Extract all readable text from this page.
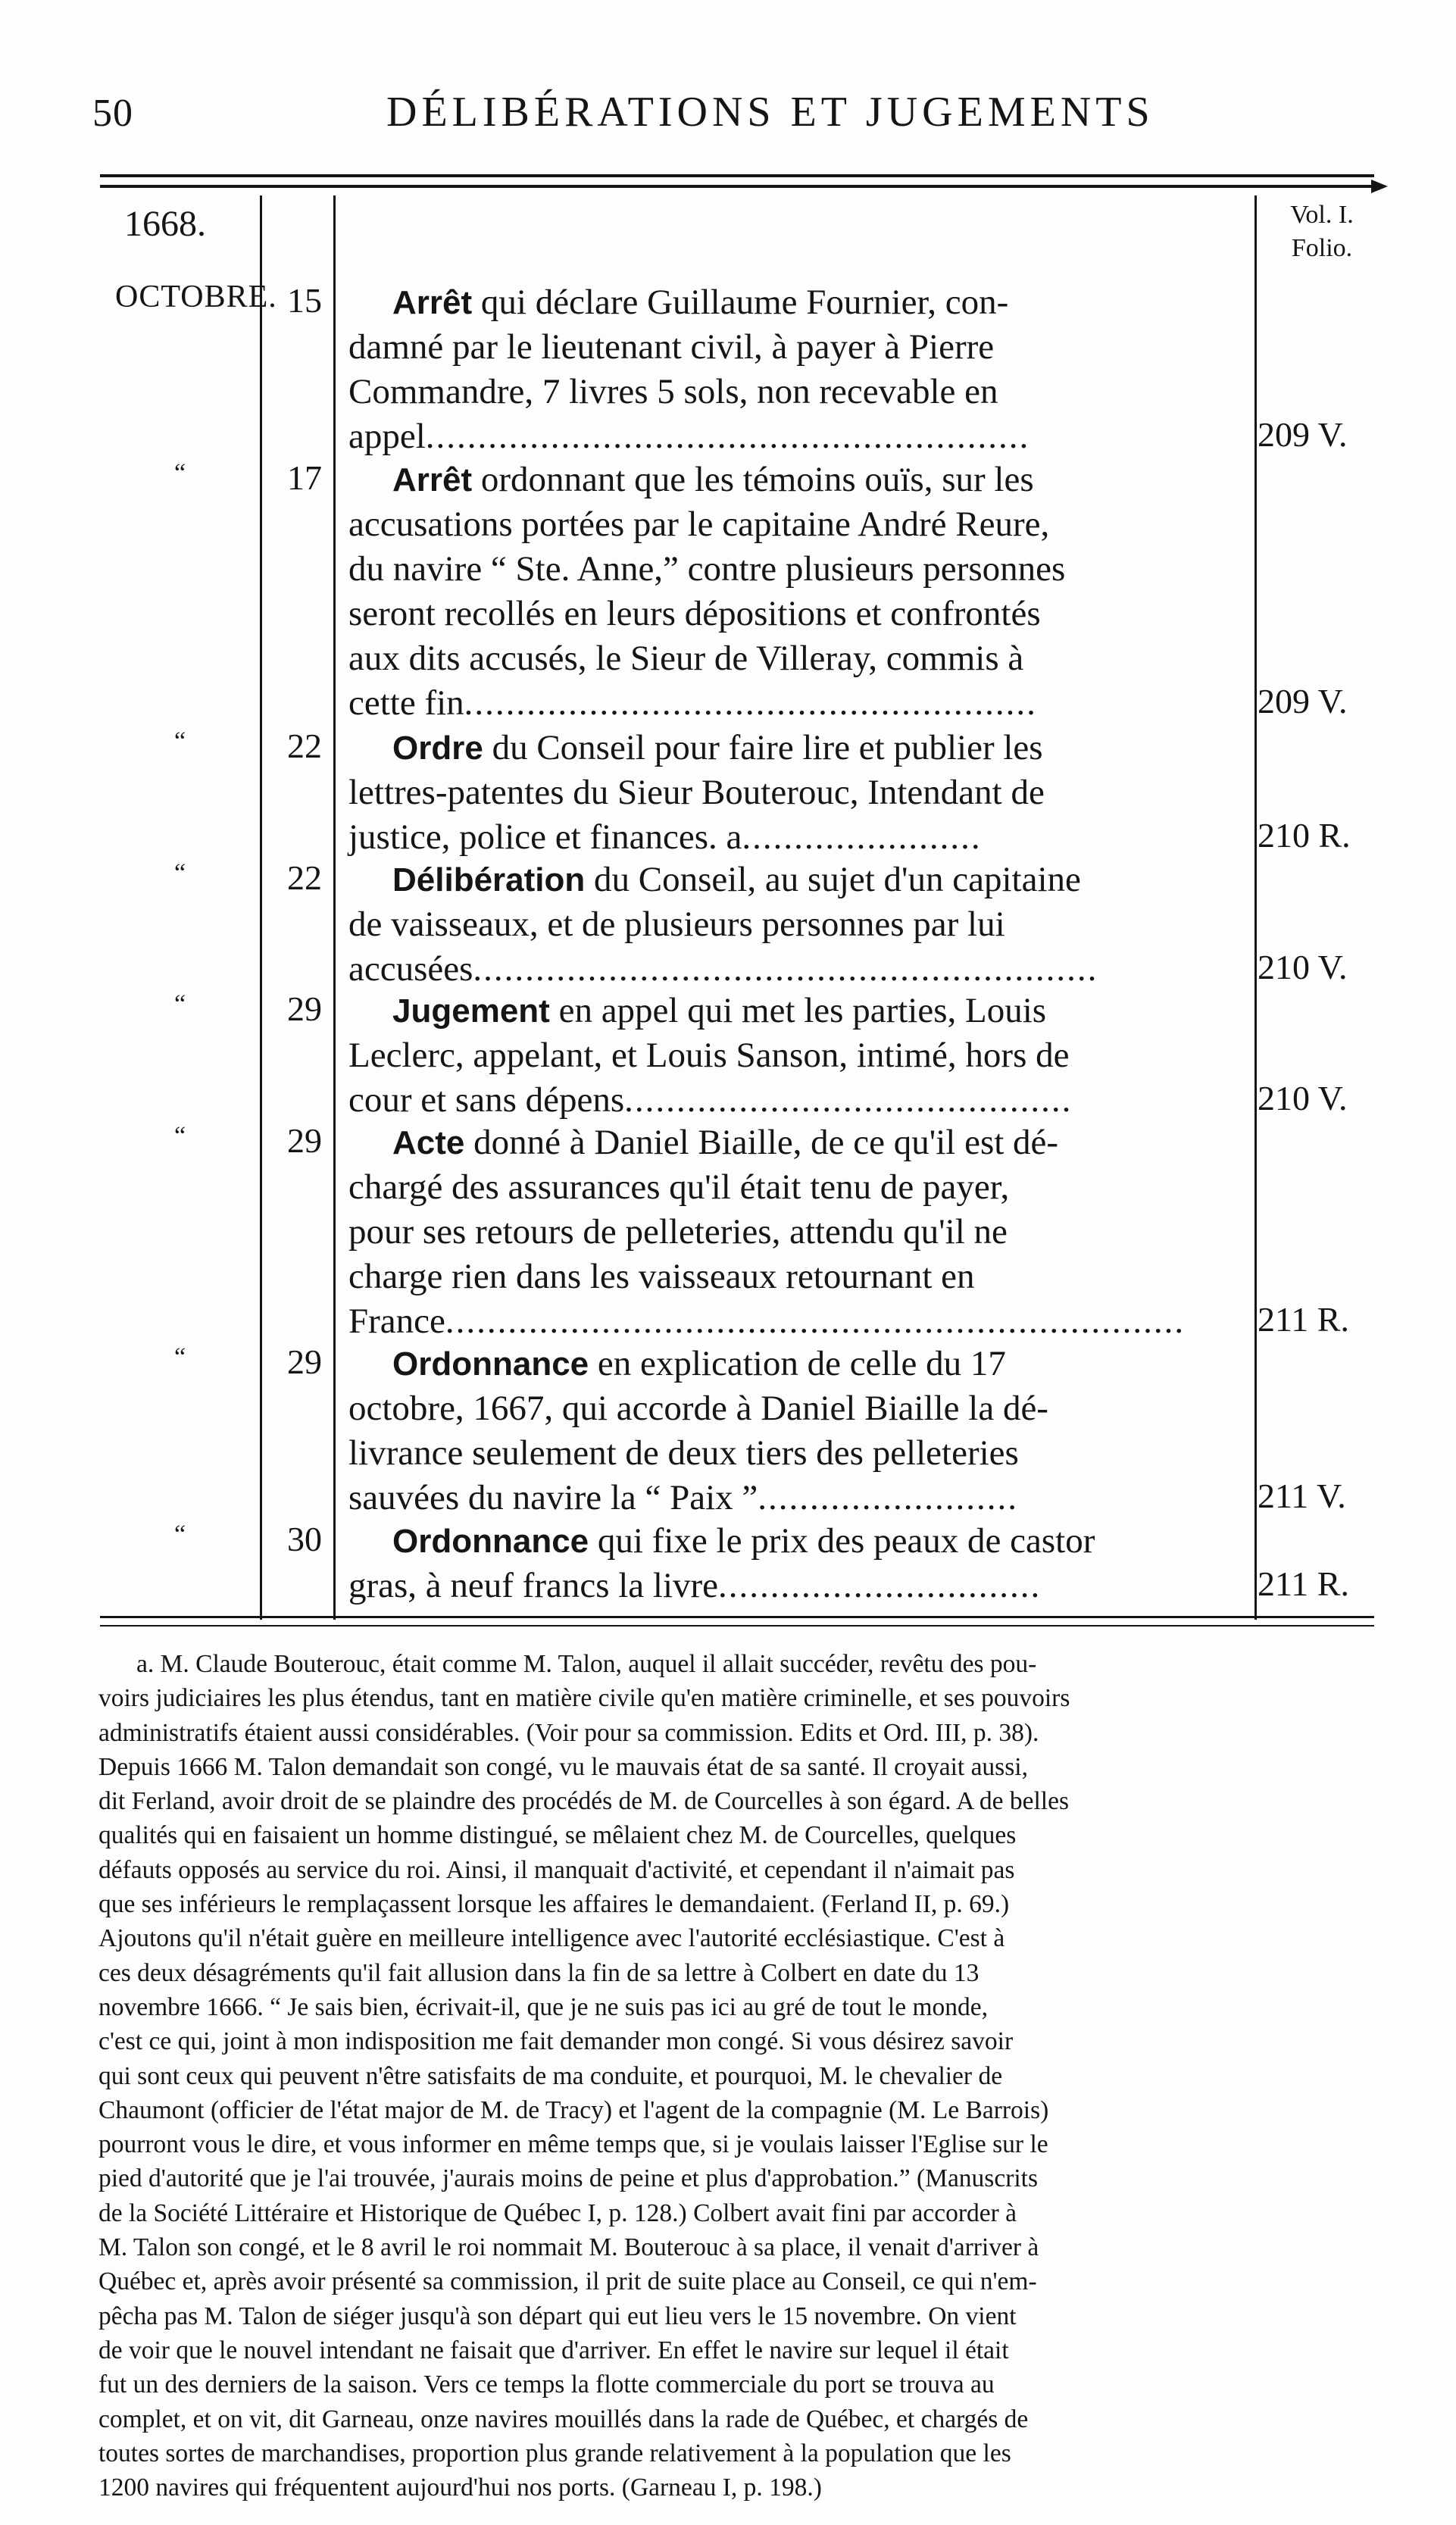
50	DÉLIBÉRATIONS ET JUGEMENTS
1668.	Vol. I.
Folio.
OCTOBRE. 15	Arrêt qui déclare Guillaume Fournier, con-
damné par le lieutenant civil, à payer à Pierre
Commandre, 7 livres 5 sols, non recevable en
appel..........................................................	209 V.
“	17	Arrêt ordonnant que les témoins ouïs, sur les
accusations portées par le capitaine André Reure,
du navire “ Ste. Anne,” contre plusieurs personnes
seront recollés en leurs dépositions et confrontés
aux dits accusés, le Sieur de Villeray, commis à
cette fin.......................................................	209 V.
“	22	Ordre du Conseil pour faire lire et publier les
lettres-patentes du Sieur Bouterouc, Intendant de
justice, police et finances. a.......................	210 R.
“	22	Délibération du Conseil, au sujet d'un capitaine
de vaisseaux, et de plusieurs personnes par lui
accusées............................................................	210 V.
“	29	Jugement en appel qui met les parties, Louis
Leclerc, appelant, et Louis Sanson, intimé, hors de
cour et sans dépens...........................................	210 V.
“	29	Acte donné à Daniel Biaille, de ce qu'il est dé-
chargé des assurances qu'il était tenu de payer,
pour ses retours de pelleteries, attendu qu'il ne
charge rien dans les vaisseaux retournant en
France.......................................................................	211 R.
“	29	Ordonnance en explication de celle du 17
octobre, 1667, qui accorde à Daniel Biaille la dé-
livrance seulement de deux tiers des pelleteries
sauvées du navire la “ Paix ”.........................	211 V.
“	30	Ordonnance qui fixe le prix des peaux de castor
gras, à neuf francs la livre...............................	211 R.
a. M. Claude Bouterouc, était comme M. Talon, auquel il allait succéder, revêtu des pou-
voirs judiciaires les plus étendus, tant en matière civile qu'en matière criminelle, et ses pouvoirs
administratifs étaient aussi considérables. (Voir pour sa commission. Edits et Ord. III, p. 38).
Depuis 1666 M. Talon demandait son congé, vu le mauvais état de sa santé. Il croyait aussi,
dit Ferland, avoir droit de se plaindre des procédés de M. de Courcelles à son égard. A de belles
qualités qui en faisaient un homme distingué, se mêlaient chez M. de Courcelles, quelques
défauts opposés au service du roi. Ainsi, il manquait d'activité, et cependant il n'aimait pas
que ses inférieurs le remplaçassent lorsque les affaires le demandaient. (Ferland II, p. 69.)
Ajoutons qu'il n'était guère en meilleure intelligence avec l'autorité ecclésiastique. C'est à
ces deux désagréments qu'il fait allusion dans la fin de sa lettre à Colbert en date du 13
novembre 1666. “ Je sais bien, écrivait-il, que je ne suis pas ici au gré de tout le monde,
c'est ce qui, joint à mon indisposition me fait demander mon congé. Si vous désirez savoir
qui sont ceux qui peuvent n'être satisfaits de ma conduite, et pourquoi, M. le chevalier de
Chaumont (officier de l'état major de M. de Tracy) et l'agent de la compagnie (M. Le Barrois)
pourront vous le dire, et vous informer en même temps que, si je voulais laisser l'Eglise sur le
pied d'autorité que je l'ai trouvée, j'aurais moins de peine et plus d'approbation.” (Manuscrits
de la Société Littéraire et Historique de Québec I, p. 128.) Colbert avait fini par accorder à
M. Talon son congé, et le 8 avril le roi nommait M. Bouterouc à sa place, il venait d'arriver à
Québec et, après avoir présenté sa commission, il prit de suite place au Conseil, ce qui n'em-
pêcha pas M. Talon de siéger jusqu'à son départ qui eut lieu vers le 15 novembre. On vient
de voir que le nouvel intendant ne faisait que d'arriver. En effet le navire sur lequel il était
fut un des derniers de la saison. Vers ce temps la flotte commerciale du port se trouva au
complet, et on vit, dit Garneau, onze navires mouillés dans la rade de Québec, et chargés de
toutes sortes de marchandises, proportion plus grande relativement à la population que les
1200 navires qui fréquentent aujourd'hui nos ports. (Garneau I, p. 198.)
